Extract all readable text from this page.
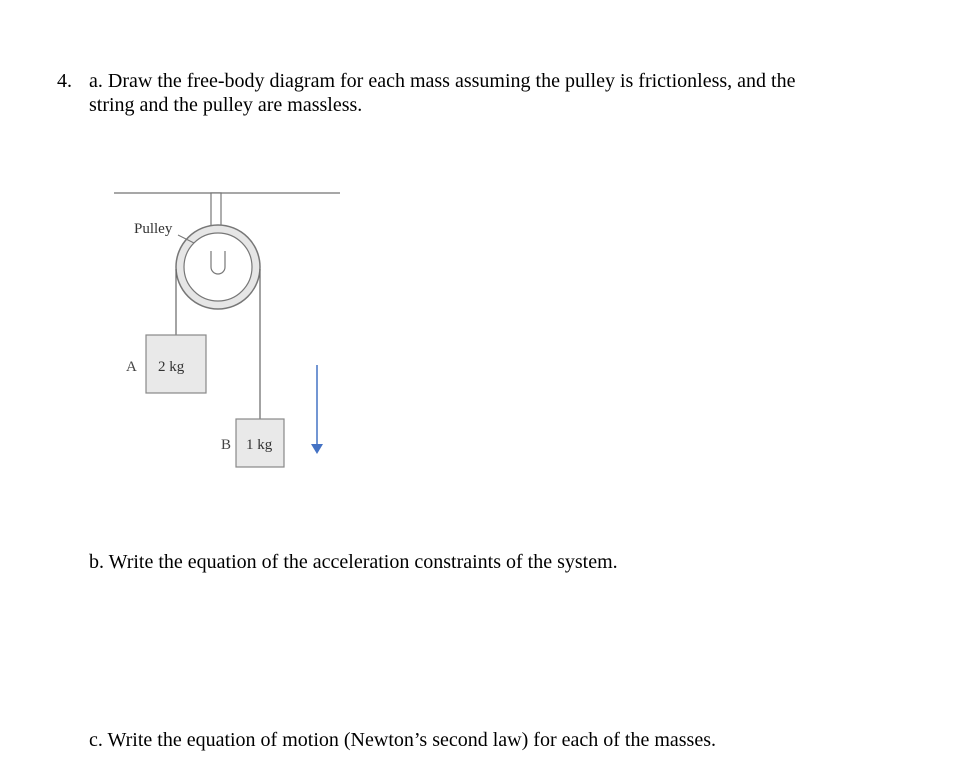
4. a. Draw the free-body diagram for each mass assuming the pulley is frictionless, and the
string and the pulley are massless.
Pulley
A 2 kg
B 1 kg
b. Write the equation of the acceleration constraints of the system.
c. Write the equation of motion (Newton’s second law) for each of the masses.
